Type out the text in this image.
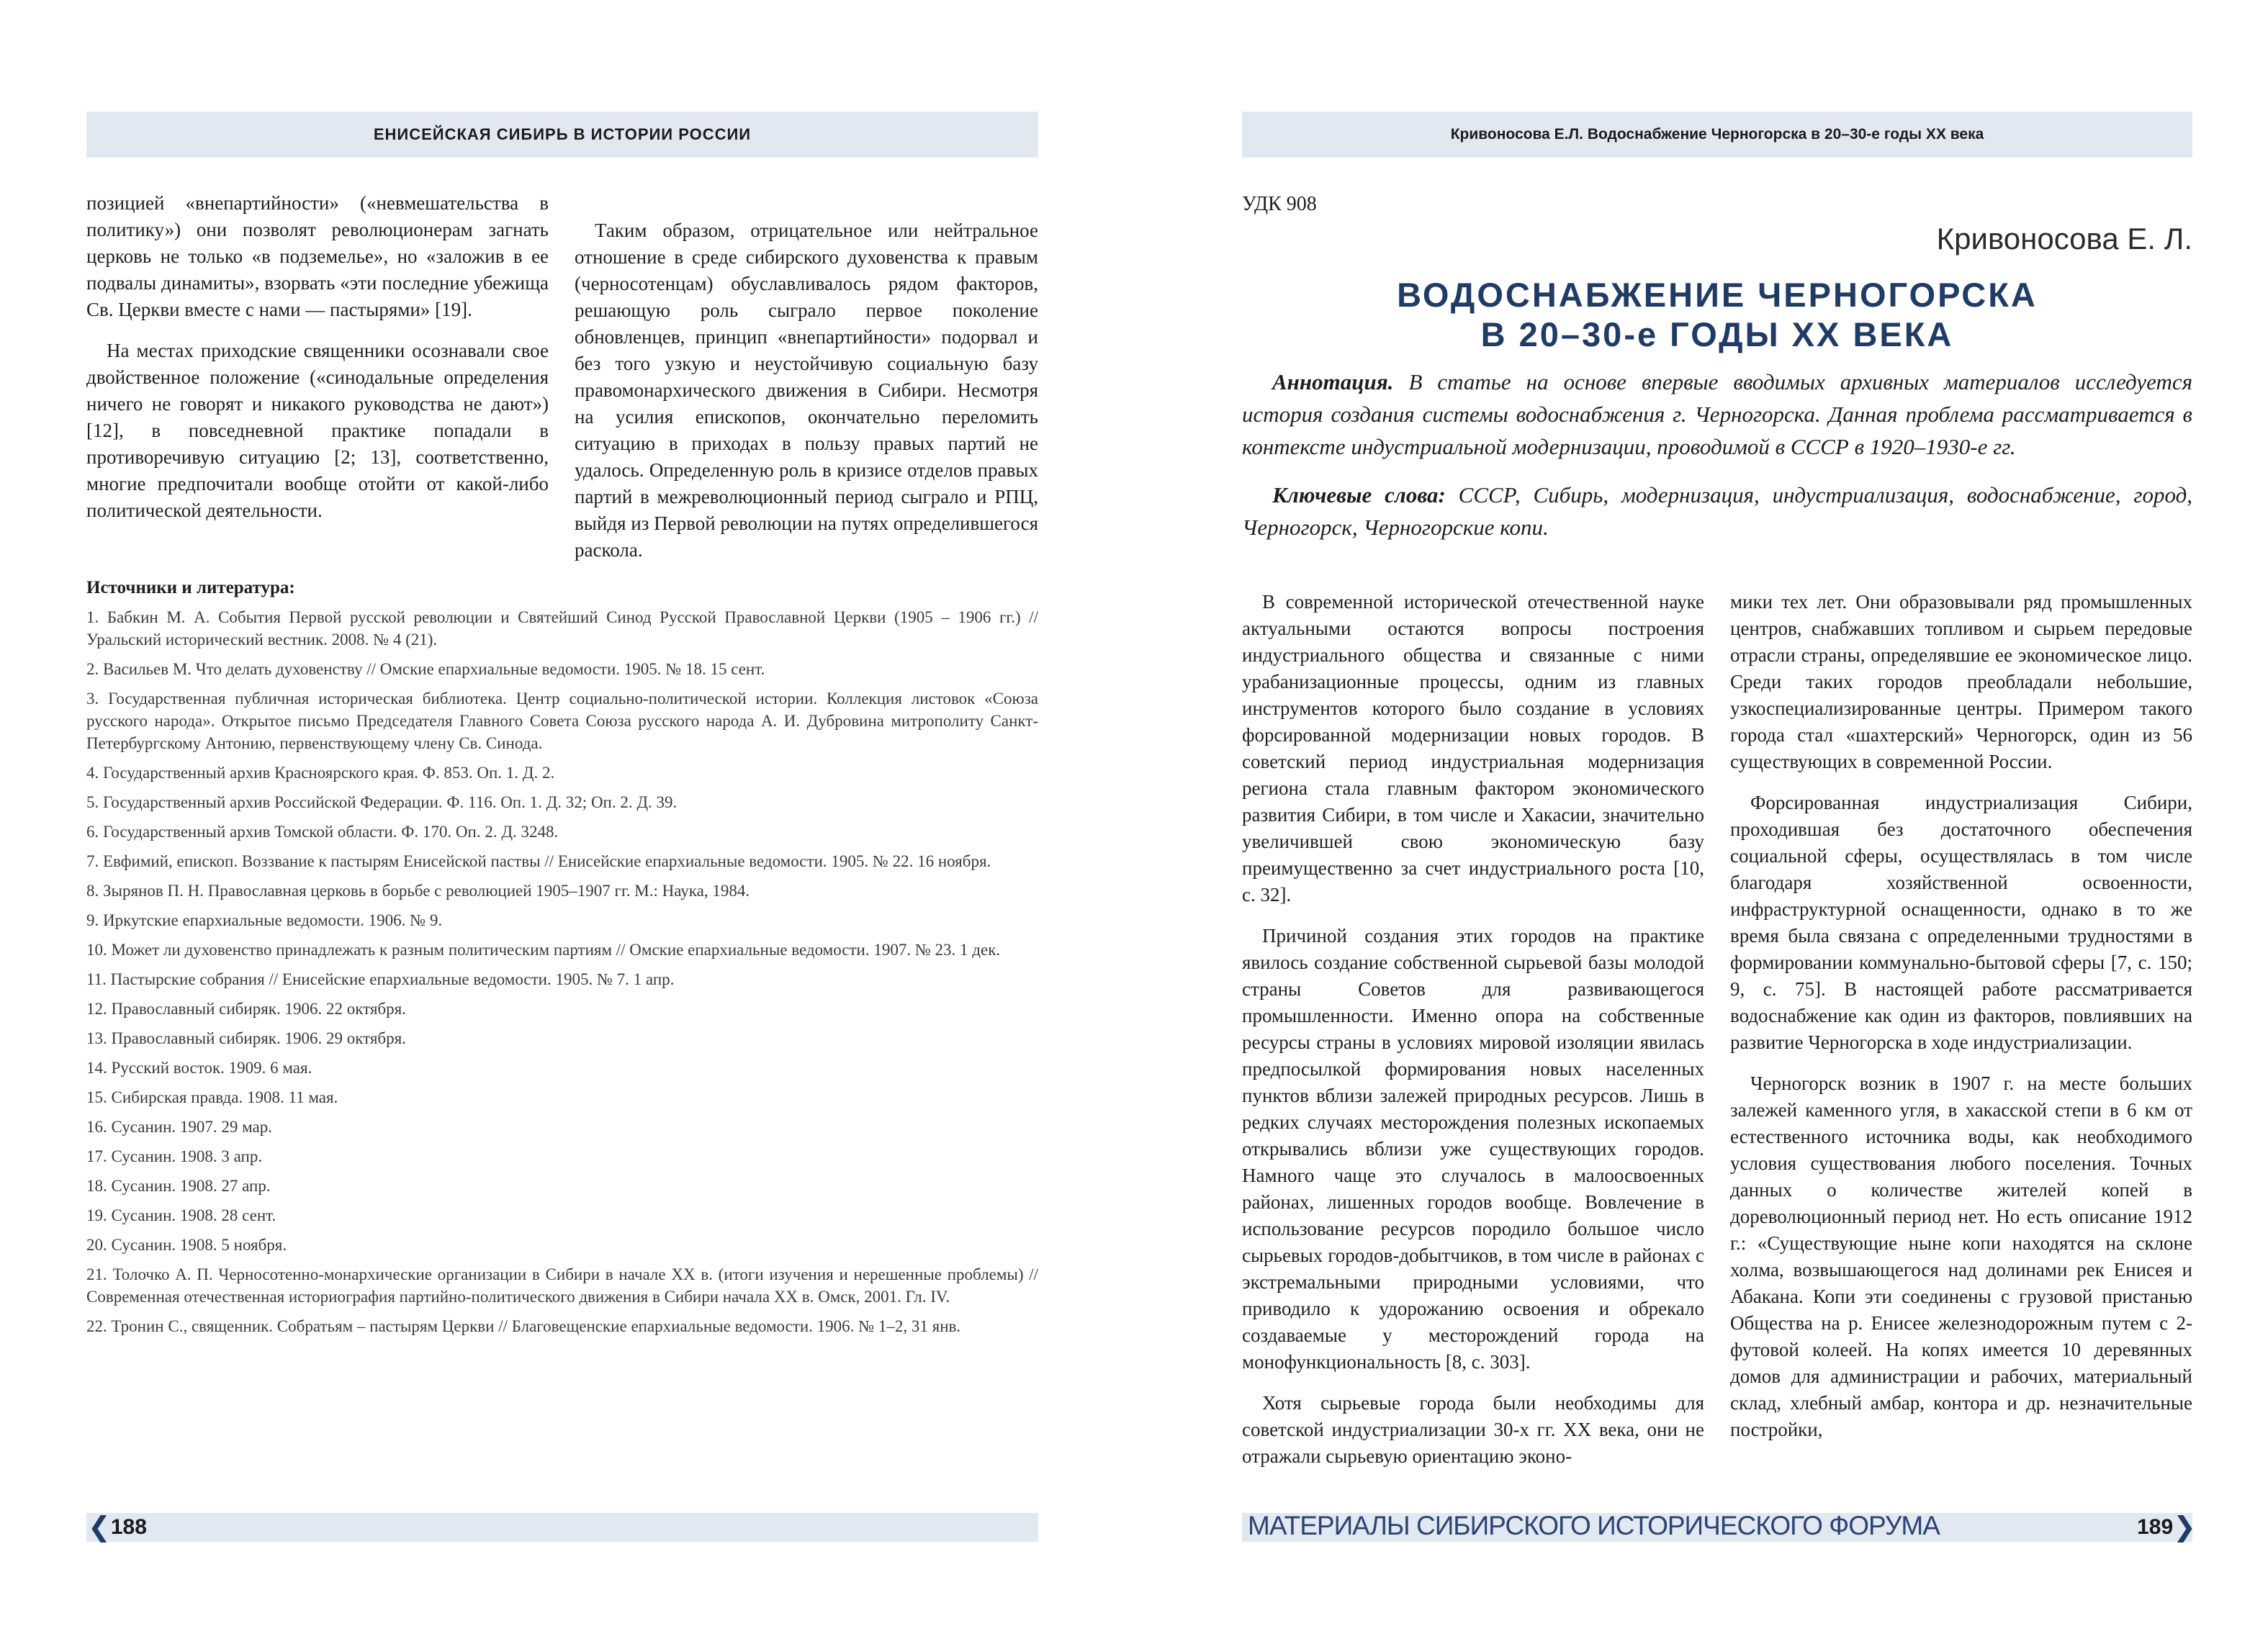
ЕНИСЕЙСКАЯ СИБИРЬ В ИСТОРИИ РОССИИ

позицией «внепартийности» («невмешательства в политику») они позволят революционерам загнать церковь не только «в подземелье», но «заложив в ее подвалы динамиты», взорвать «эти последние убежища Св. Церкви вместе с нами — пастырями» [19].

На местах приходские священники осознавали свое двойственное положение («синодальные определения ничего не говорят и никакого руководства не дают») [12], в повседневной практике попадали в противоречивую ситуацию [2; 13], соответственно, многие предпочитали вообще отойти от какой-либо политической деятельности.

Таким образом, отрицательное или нейтральное отношение в среде сибирского духовенства к правым (черносотенцам) обуславливалось рядом факторов, решающую роль сыграло первое поколение обновленцев, принцип «внепартийности» подорвал и без того узкую и неустойчивую социальную базу правомонархического движения в Сибири. Несмотря на усилия епископов, окончательно переломить ситуацию в приходах в пользу правых партий не удалось. Определенную роль в кризисе отделов правых партий в межреволюционный период сыграло и РПЦ, выйдя из Первой революции на путях определившегося раскола.

Источники и литература:
1. Бабкин М. А. События Первой русской революции и Святейший Синод Русской Православной Церкви (1905 – 1906 гг.) // Уральский исторический вестник. 2008. № 4 (21).
2. Васильев М. Что делать духовенству // Омские епархиальные ведомости. 1905. № 18. 15 сент.
3. Государственная публичная историческая библиотека. Центр социально-политической истории. Коллекция листовок «Союза русского народа». Открытое письмо Председателя Главного Совета Союза русского народа А. И. Дубровина митрополиту Санкт-Петербургскому Антонию, первенствующему члену Св. Синода.
4. Государственный архив Красноярского края. Ф. 853. Оп. 1. Д. 2.
5. Государственный архив Российской Федерации. Ф. 116. Оп. 1. Д. 32; Оп. 2. Д. 39.
6. Государственный архив Томской области. Ф. 170. Оп. 2. Д. 3248.
7. Евфимий, епископ. Воззвание к пастырям Енисейской паствы // Енисейские епархиальные ведомости. 1905. № 22. 16 ноября.
8. Зырянов П. Н. Православная церковь в борьбе с революцией 1905–1907 гг. М.: Наука, 1984.
9. Иркутские епархиальные ведомости. 1906. № 9.
10. Может ли духовенство принадлежать к разным политическим партиям // Омские епархиальные ведомости. 1907. № 23. 1 дек.
11. Пастырские собрания // Енисейские епархиальные ведомости. 1905. № 7. 1 апр.
12. Православный сибиряк. 1906. 22 октября.
13. Православный сибиряк. 1906. 29 октября.
14. Русский восток. 1909. 6 мая.
15. Сибирская правда. 1908. 11 мая.
16. Сусанин. 1907. 29 мар.
17. Сусанин. 1908. 3 апр.
18. Сусанин. 1908. 27 апр.
19. Сусанин. 1908. 28 сент.
20. Сусанин. 1908. 5 ноября.
21. Толочко А. П. Черносотенно-монархические организации в Сибири в начале XX в. (итоги изучения и нерешенные проблемы) // Современная отечественная историография партийно-политического движения в Сибири начала XX в. Омск, 2001. Гл. IV.
22. Тронин С., священник. Собратьям – пастырям Церкви // Благовещенские епархиальные ведомости. 1906. № 1–2, 31 янв.
❮ 188
Кривоносова Е.Л. Водоснабжение Черногорска в 20–30-е годы XX века
УДК 908
Кривоносова Е. Л.
ВОДОСНАБЖЕНИЕ ЧЕРНОГОРСКА
В 20–30-е ГОДЫ XX ВЕКА

Аннотация. В статье на основе впервые вводимых архивных материалов исследуется история создания системы водоснабжения г. Черногорска. Данная проблема рассматривается в контексте индустриальной модернизации, проводимой в СССР в 1920–1930-е гг.

Ключевые слова: СССР, Сибирь, модернизация, индустриализация, водоснабжение, город, Черногорск, Черногорские копи.

В современной исторической отечественной науке актуальными остаются вопросы построения индустриального общества и связанные с ними урабанизационные процессы, одним из главных инструментов которого было создание в условиях форсированной модернизации новых городов. В советский период индустриальная модернизация региона стала главным фактором экономического развития Сибири, в том числе и Хакасии, значительно увеличившей свою экономическую базу преимущественно за счет индустриального роста [10, с. 32].

Причиной создания этих городов на практике явилось создание собственной сырьевой базы молодой страны Советов для развивающегося промышленности. Именно опора на собственные ресурсы страны в условиях мировой изоляции явилась предпосылкой формирования новых населенных пунктов вблизи залежей природных ресурсов. Лишь в редких случаях месторождения полезных ископаемых открывались вблизи уже существующих городов. Намного чаще это случалось в малоосвоенных районах, лишенных городов вообще. Вовлечение в использование ресурсов породило большое число сырьевых городов-добытчиков, в том числе в районах с экстремальными природными условиями, что приводило к удорожанию освоения и обрекало создаваемые у месторождений города на монофункциональность [8, с. 303].

Хотя сырьевые города были необходимы для советской индустриализации 30-х гг. XX века, они не отражали сырьевую ориентацию эконо-

мики тех лет. Они образовывали ряд промышленных центров, снабжавших топливом и сырьем передовые отрасли страны, определявшие ее экономическое лицо. Среди таких городов преобладали небольшие, узкоспециализированные центры. Примером такого города стал «шахтерский» Черногорск, один из 56 существующих в современной России.

Форсированная индустриализация Сибири, проходившая без достаточного обеспечения социальной сферы, осуществлялась в том числе благодаря хозяйственной освоенности, инфраструктурной оснащенности, однако в то же время была связана с определенными трудностями в формировании коммунально-бытовой сферы [7, с. 150; 9, с. 75]. В настоящей работе рассматривается водоснабжение как один из факторов, повлиявших на развитие Черногорска в ходе индустриализации.

Черногорск возник в 1907 г. на месте больших залежей каменного угля, в хакасской степи в 6 км от естественного источника воды, как необходимого условия существования любого поселения. Точных данных о количестве жителей копей в дореволюционный период нет. Но есть описание 1912 г.: «Существующие ныне копи находятся на склоне холма, возвышающегося над долинами рек Енисея и Абакана. Копи эти соединены с грузовой пристанью Общества на р. Енисее железнодорожным путем с 2-футовой колеей. На копях имеется 10 деревянных домов для администрации и рабочих, материальный склад, хлебный амбар, контора и др. незначительные постройки,

МАТЕРИАЛЫ СИБИРСКОГО ИСТОРИЧЕСКОГО ФОРУМА	189 ❯
